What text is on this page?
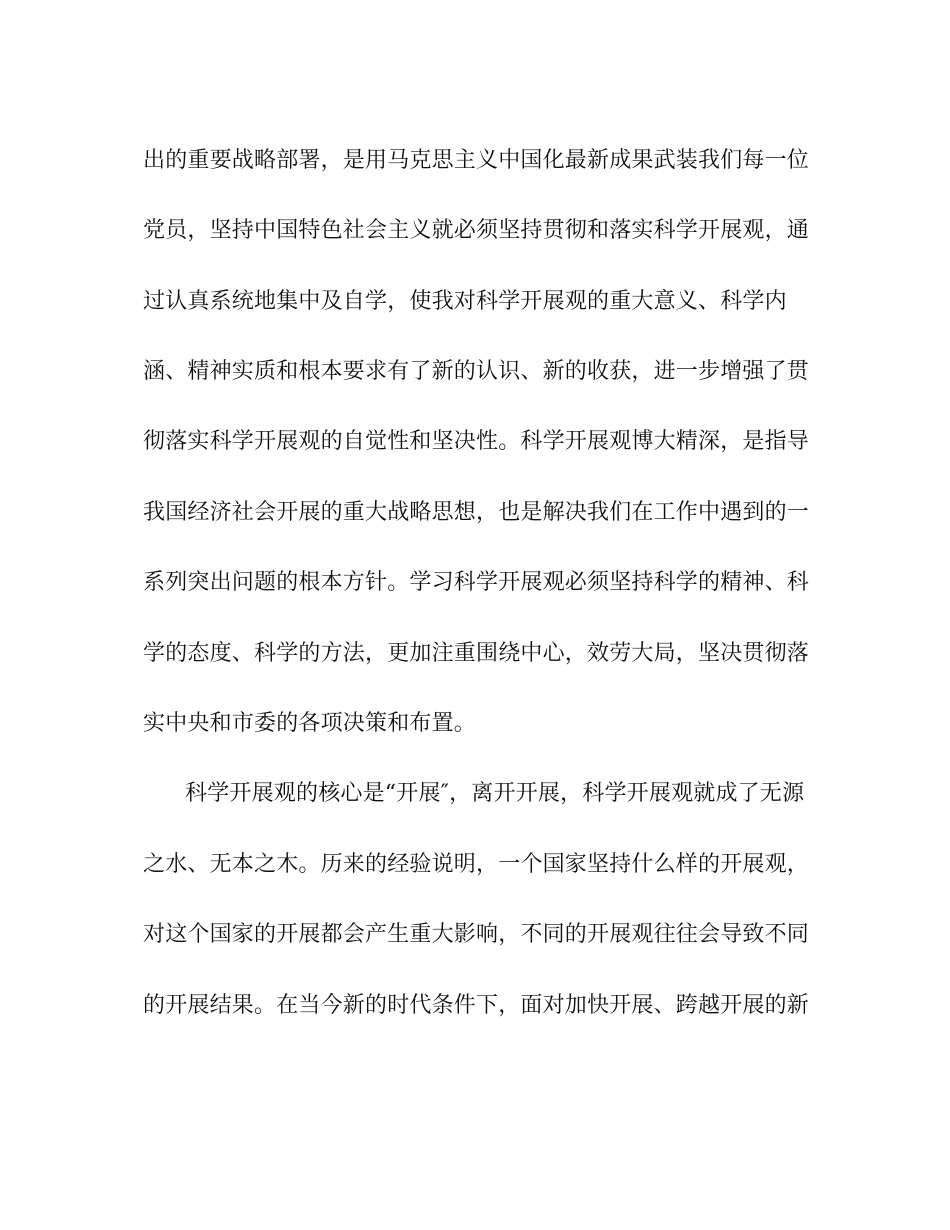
出的重要战略部署，是用马克思主义中国化最新成果武装我们每一位
党员，坚持中国特色社会主义就必须坚持贯彻和落实科学开展观，通
过认真系统地集中及自学，使我对科学开展观的重大意义、科学内
涵、精神实质和根本要求有了新的认识、新的收获，进一步增强了贯
彻落实科学开展观的自觉性和坚决性。科学开展观博大精深，是指导
我国经济社会开展的重大战略思想，也是解决我们在工作中遇到的一
系列突出问题的根本方针。学习科学开展观必须坚持科学的精神、科
学的态度、科学的方法，更加注重围绕中心，效劳大局，坚决贯彻落
实中央和市委的各项决策和布置。
科学开展观的核心是“开展″，离开开展，科学开展观就成了无源
之水、无本之木。历来的经验说明，一个国家坚持什么样的开展观，
对这个国家的开展都会产生重大影响，不同的开展观往往会导致不同
的开展结果。在当今新的时代条件下，面对加快开展、跨越开展的新
